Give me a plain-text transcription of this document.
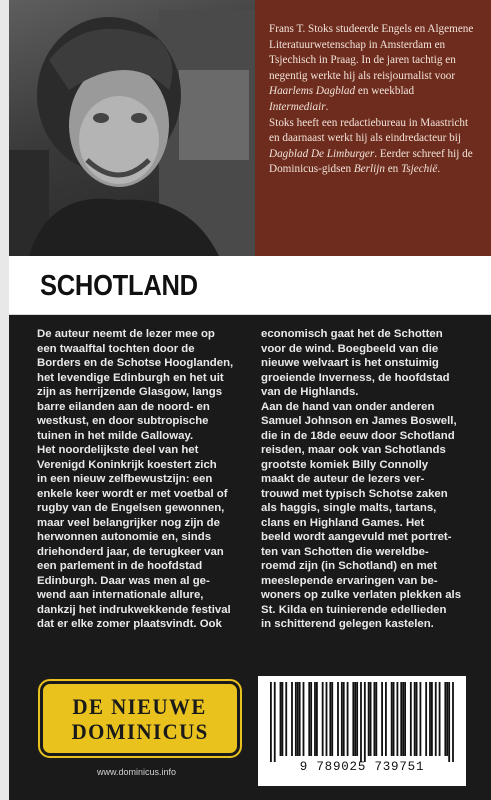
Frans T. Stoks studeerde Engels en Algemene

Literatuurwetenschap in Amsterdam en

Tsjechisch in Praag. In de jaren tachtig en

negentig werkte hij als reisjournalist voor

Haarlems Dagblad en weekblad Intermediair.

Stoks heeft een redactiebureau in Maastricht

en daarnaast werkt hij als eindredacteur bij

Dagblad De Limburger. Eerder schreef hij de

Dominicus-gidsen Berlijn en Tsjechië.

SCHOTLAND

De auteur neemt de lezer mee op

een twaalftal tochten door de

Borders en de Schotse Hooglanden,

het levendige Edinburgh en het uit

zijn as herrijzende Glasgow, langs

barre eilanden aan de noord- en

westkust, en door subtropische

tuinen in het milde Galloway.

Het noordelijkste deel van het

Verenigd Koninkrijk koestert zich

in een nieuw zelfbewustzijn: een

enkele keer wordt er met voetbal of

rugby van de Engelsen gewonnen,

maar veel belangrijker nog zijn de

herwonnen autonomie en, sinds

driehonderd jaar, de terugkeer van

een parlement in de hoofdstad

Edinburgh. Daar was men al ge-

wend aan internationale allure,

dankzij het indrukwekkende festival

dat er elke zomer plaatsvindt. Ook

economisch gaat het de Schotten

voor de wind. Boegbeeld van die

nieuwe welvaart is het onstuimig

groeiende Inverness, de hoofdstad

van de Highlands.

Aan de hand van onder anderen

Samuel Johnson en James Boswell,

die in de 18de eeuw door Schotland

reisden, maar ook van Schotlands

grootste komiek Billy Connolly

maakt de auteur de lezers ver-

trouwd met typisch Schotse zaken

als haggis, single malts, tartans,

clans en Highland Games. Het

beeld wordt aangevuld met portret-

ten van Schotten die wereldbe-

roemd zijn (in Schotland) en met

meeslepende ervaringen van be-

woners op zulke verlaten plekken als

St. Kilda en tuinierende edellieden

in schitterend gelegen kastelen.

DE NIEUWE
DOMINICUS
www.dominicus.info	9 789025 739751
